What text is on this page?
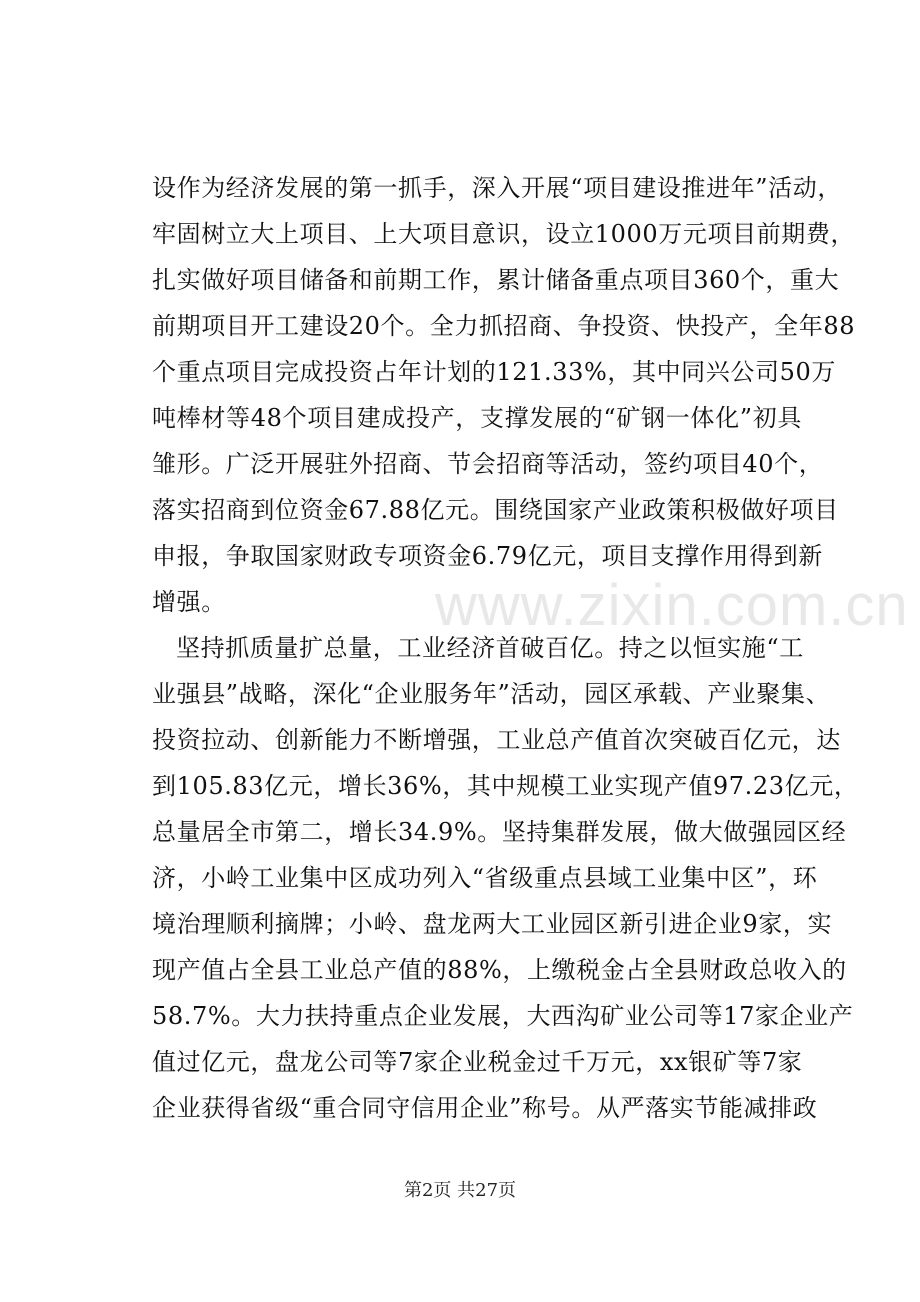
www.zixin.com.cn
设作为经济发展的第一抓手，深入开展“项目建设推进年”活动，
牢固树立大上项目、上大项目意识，设立1000万元项目前期费，
扎实做好项目储备和前期工作，累计储备重点项目360个，重大
前期项目开工建设20个。全力抓招商、争投资、快投产，全年88
个重点项目完成投资占年计划的121.33%，其中同兴公司50万
吨棒材等48个项目建成投产，支撑发展的“矿钢一体化”初具
雏形。广泛开展驻外招商、节会招商等活动，签约项目40个，
落实招商到位资金67.88亿元。围绕国家产业政策积极做好项目
申报，争取国家财政专项资金6.79亿元，项目支撑作用得到新
增强。
坚持抓质量扩总量，工业经济首破百亿。持之以恒实施“工
业强县”战略，深化“企业服务年”活动，园区承载、产业聚集、
投资拉动、创新能力不断增强，工业总产值首次突破百亿元，达
到105.83亿元，增长36%，其中规模工业实现产值97.23亿元，
总量居全市第二，增长34.9%。坚持集群发展，做大做强园区经
济，小岭工业集中区成功列入“省级重点县域工业集中区”，环
境治理顺利摘牌；小岭、盘龙两大工业园区新引进企业9家，实
现产值占全县工业总产值的88%，上缴税金占全县财政总收入的
58.7%。大力扶持重点企业发展，大西沟矿业公司等17家企业产
值过亿元，盘龙公司等7家企业税金过千万元，xx银矿等7家
企业获得省级“重合同守信用企业”称号。从严落实节能减排政
第2页 共27页
